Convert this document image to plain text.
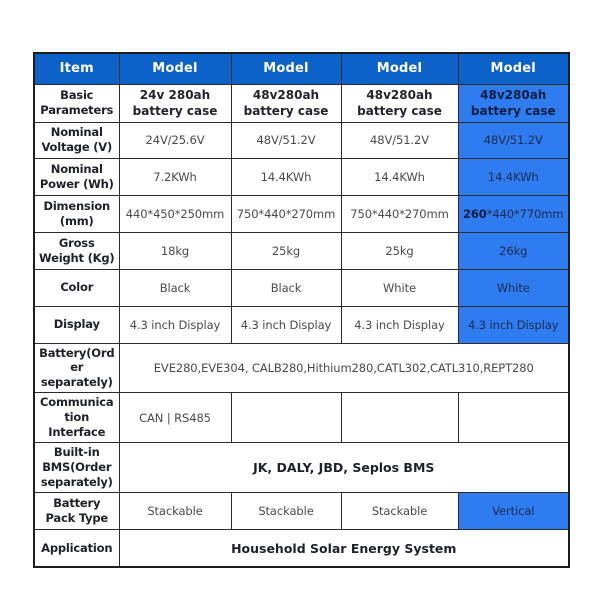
Item	Model	Model	Model	Model
Basic Parameters	24v 280ah battery case	48v280ah battery case	48v280ah battery case	48v280ah battery case
Nominal Voltage (V)	24V/25.6V	48V/51.2V	48V/51.2V	48V/51.2V
Nominal Power (Wh)	7.2KWh	14.4KWh	14.4KWh	14.4KWh
Dimension (mm)	440*450*250mm	750*440*270mm	750*440*270mm	260*440*770mm
Gross Weight (Kg)	18kg	25kg	25kg	26kg
Color	Black	Black	White	White
Display	4.3 inch Display	4.3 inch Display	4.3 inch Display	4.3 inch Display
Battery(Order separately)	EVE280,EVE304, CALB280,Hithium280,CATL302,CATL310,REPT280			
Communication Interface	CAN | RS485			
Built-in BMS(Order separately)	JK, DALY, JBD, Seplos BMS			
Battery Pack Type	Stackable	Stackable	Stackable	Vertical
Application	Household Solar Energy System			
